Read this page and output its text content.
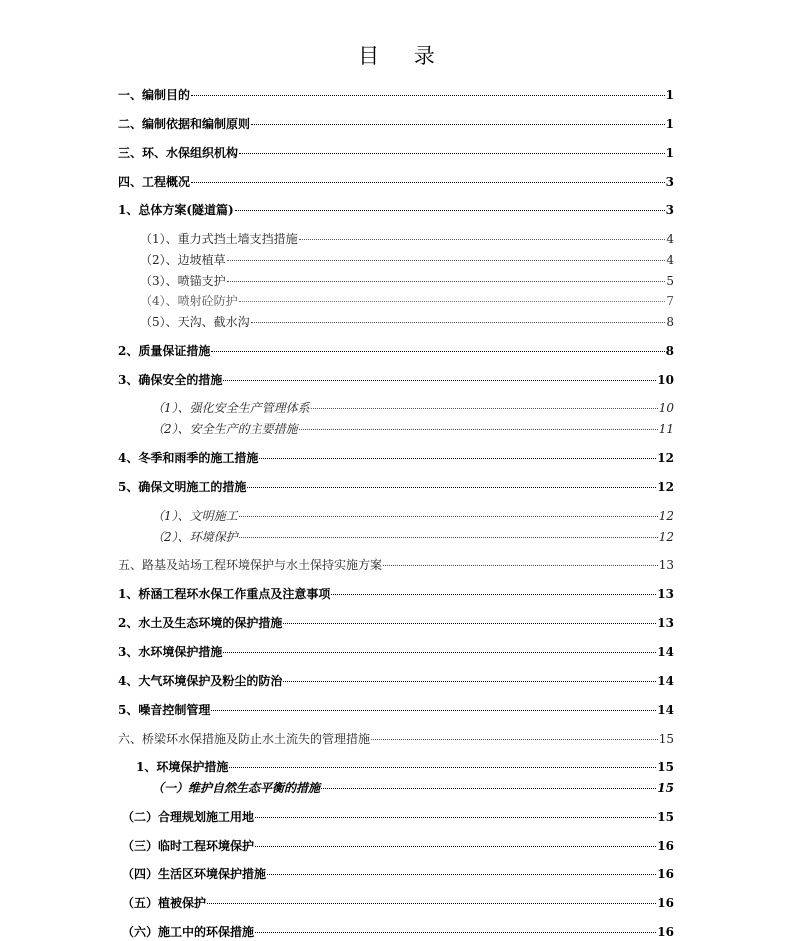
目 录
一、编制目的	1
二、编制依据和编制原则	1
三、环、水保组织机构	1
四、工程概况	3
1、总体方案(隧道篇)	3
（1）、重力式挡土墙支挡措施	4
（2）、边坡植草	4
（3）、喷锚支护	5
（4）、喷射砼防护	7
（5）、天沟、截水沟	8
2、质量保证措施	8
3、确保安全的措施	10
（1）、强化安全生产管理体系	10
（2）、安全生产的主要措施	11
4、冬季和雨季的施工措施	12
5、确保文明施工的措施	12
（1）、文明施工	12
（2）、环境保护	12
五、路基及站场工程环境保护与水土保持实施方案	13
1、桥涵工程环水保工作重点及注意事项	13
2、水土及生态环境的保护措施	13
3、水环境保护措施	14
4、大气环境保护及粉尘的防治	14
5、噪音控制管理	14
六、桥梁环水保措施及防止水土流失的管理措施	15
1、环境保护措施	15
（一）维护自然生态平衡的措施	15
（二）合理规划施工用地	15
（三）临时工程环境保护	16
（四）生活区环境保护措施	16
（五）植被保护	16
（六）施工中的环保措施	16
